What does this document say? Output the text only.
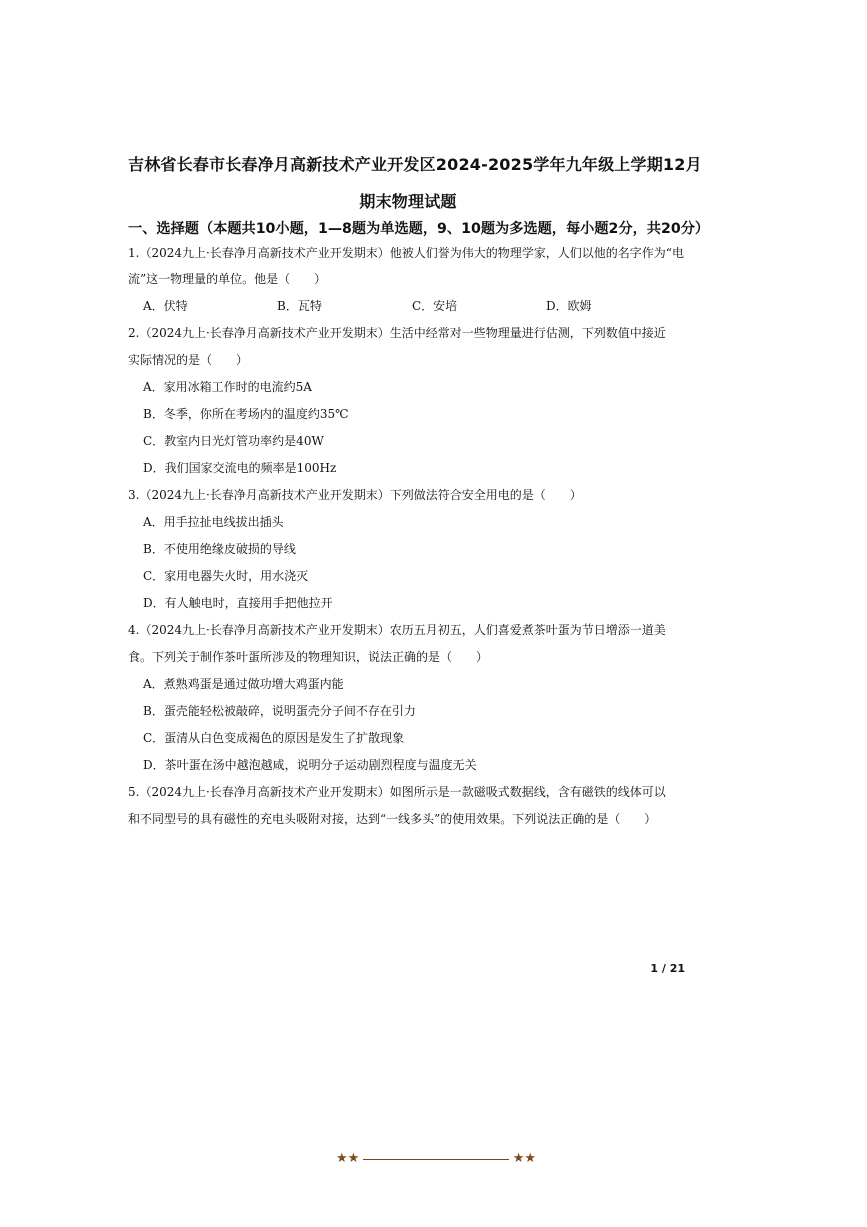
吉林省长春市长春净月高新技术产业开发区2024-2025学年九年级上学期12月
期末物理试题
一、选择题（本题共10小题，1—8题为单选题，9、10题为多选题，每小题2分，共20分）
1.（2024九上·长春净月高新技术产业开发期末）他被人们誉为伟大的物理学家，人们以他的名字作为“电
流”这一物理量的单位。他是（　　）
A．伏特	B．瓦特	C．安培	D．欧姆
2.（2024九上·长春净月高新技术产业开发期末）生活中经常对一些物理量进行估测，下列数值中接近
实际情况的是（　　）
A．家用冰箱工作时的电流约5A
B．冬季，你所在考场内的温度约35℃
C．教室内日光灯管功率约是40W
D．我们国家交流电的频率是100Hz
3.（2024九上·长春净月高新技术产业开发期末）下列做法符合安全用电的是（　　）
A．用手拉扯电线拔出插头
B．不使用绝缘皮破损的导线
C．家用电器失火时，用水浇灭
D．有人触电时，直接用手把他拉开
4.（2024九上·长春净月高新技术产业开发期末）农历五月初五，人们喜爱煮茶叶蛋为节日增添一道美
食。下列关于制作茶叶蛋所涉及的物理知识，说法正确的是（　　）
A．煮熟鸡蛋是通过做功增大鸡蛋内能
B．蛋壳能轻松被敲碎，说明蛋壳分子间不存在引力
C．蛋清从白色变成褐色的原因是发生了扩散现象
D．茶叶蛋在汤中越泡越咸，说明分子运动剧烈程度与温度无关
5.（2024九上·长春净月高新技术产业开发期末）如图所示是一款磁吸式数据线，含有磁铁的线体可以
和不同型号的具有磁性的充电头吸附对接，达到“一线多头”的使用效果。下列说法正确的是（　　）
1 / 21
★★	★★
